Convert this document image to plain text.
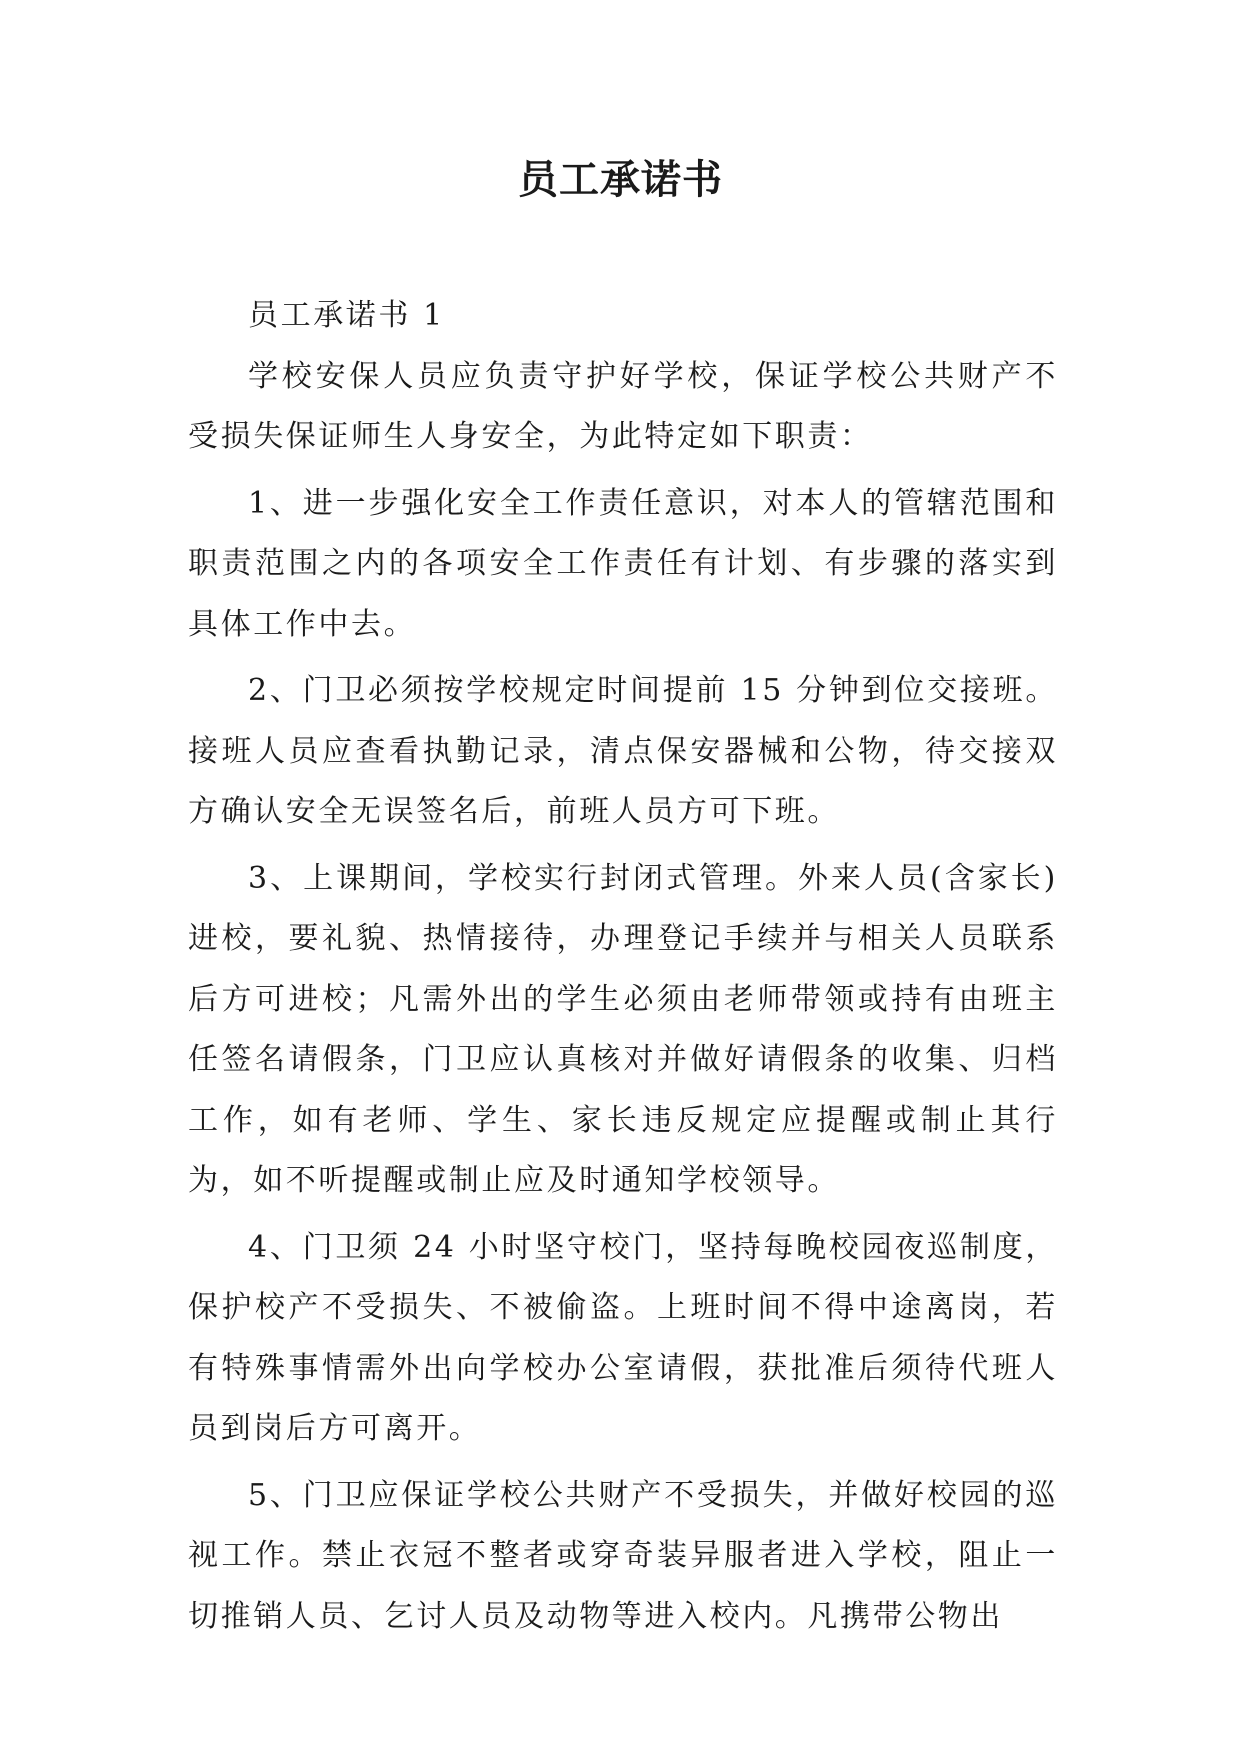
员工承诺书

员工承诺书 1

学校安保人员应负责守护好学校，保证学校公共财产不受损失保证师生人身安全，为此特定如下职责：

1、进一步强化安全工作责任意识，对本人的管辖范围和职责范围之内的各项安全工作责任有计划、有步骤的落实到具体工作中去。

2、门卫必须按学校规定时间提前 15 分钟到位交接班。接班人员应查看执勤记录，清点保安器械和公物，待交接双方确认安全无误签名后，前班人员方可下班。

3、上课期间，学校实行封闭式管理。外来人员(含家长)进校，要礼貌、热情接待，办理登记手续并与相关人员联系后方可进校；凡需外出的学生必须由老师带领或持有由班主任签名请假条，门卫应认真核对并做好请假条的收集、归档工作，如有老师、学生、家长违反规定应提醒或制止其行为，如不听提醒或制止应及时通知学校领导。

4、门卫须 24 小时坚守校门，坚持每晚校园夜巡制度，保护校产不受损失、不被偷盗。上班时间不得中途离岗，若有特殊事情需外出向学校办公室请假，获批准后须待代班人员到岗后方可离开。

5、门卫应保证学校公共财产不受损失，并做好校园的巡视工作。禁止衣冠不整者或穿奇装异服者进入学校，阻止一切推销人员、乞讨人员及动物等进入校内。凡携带公物出
